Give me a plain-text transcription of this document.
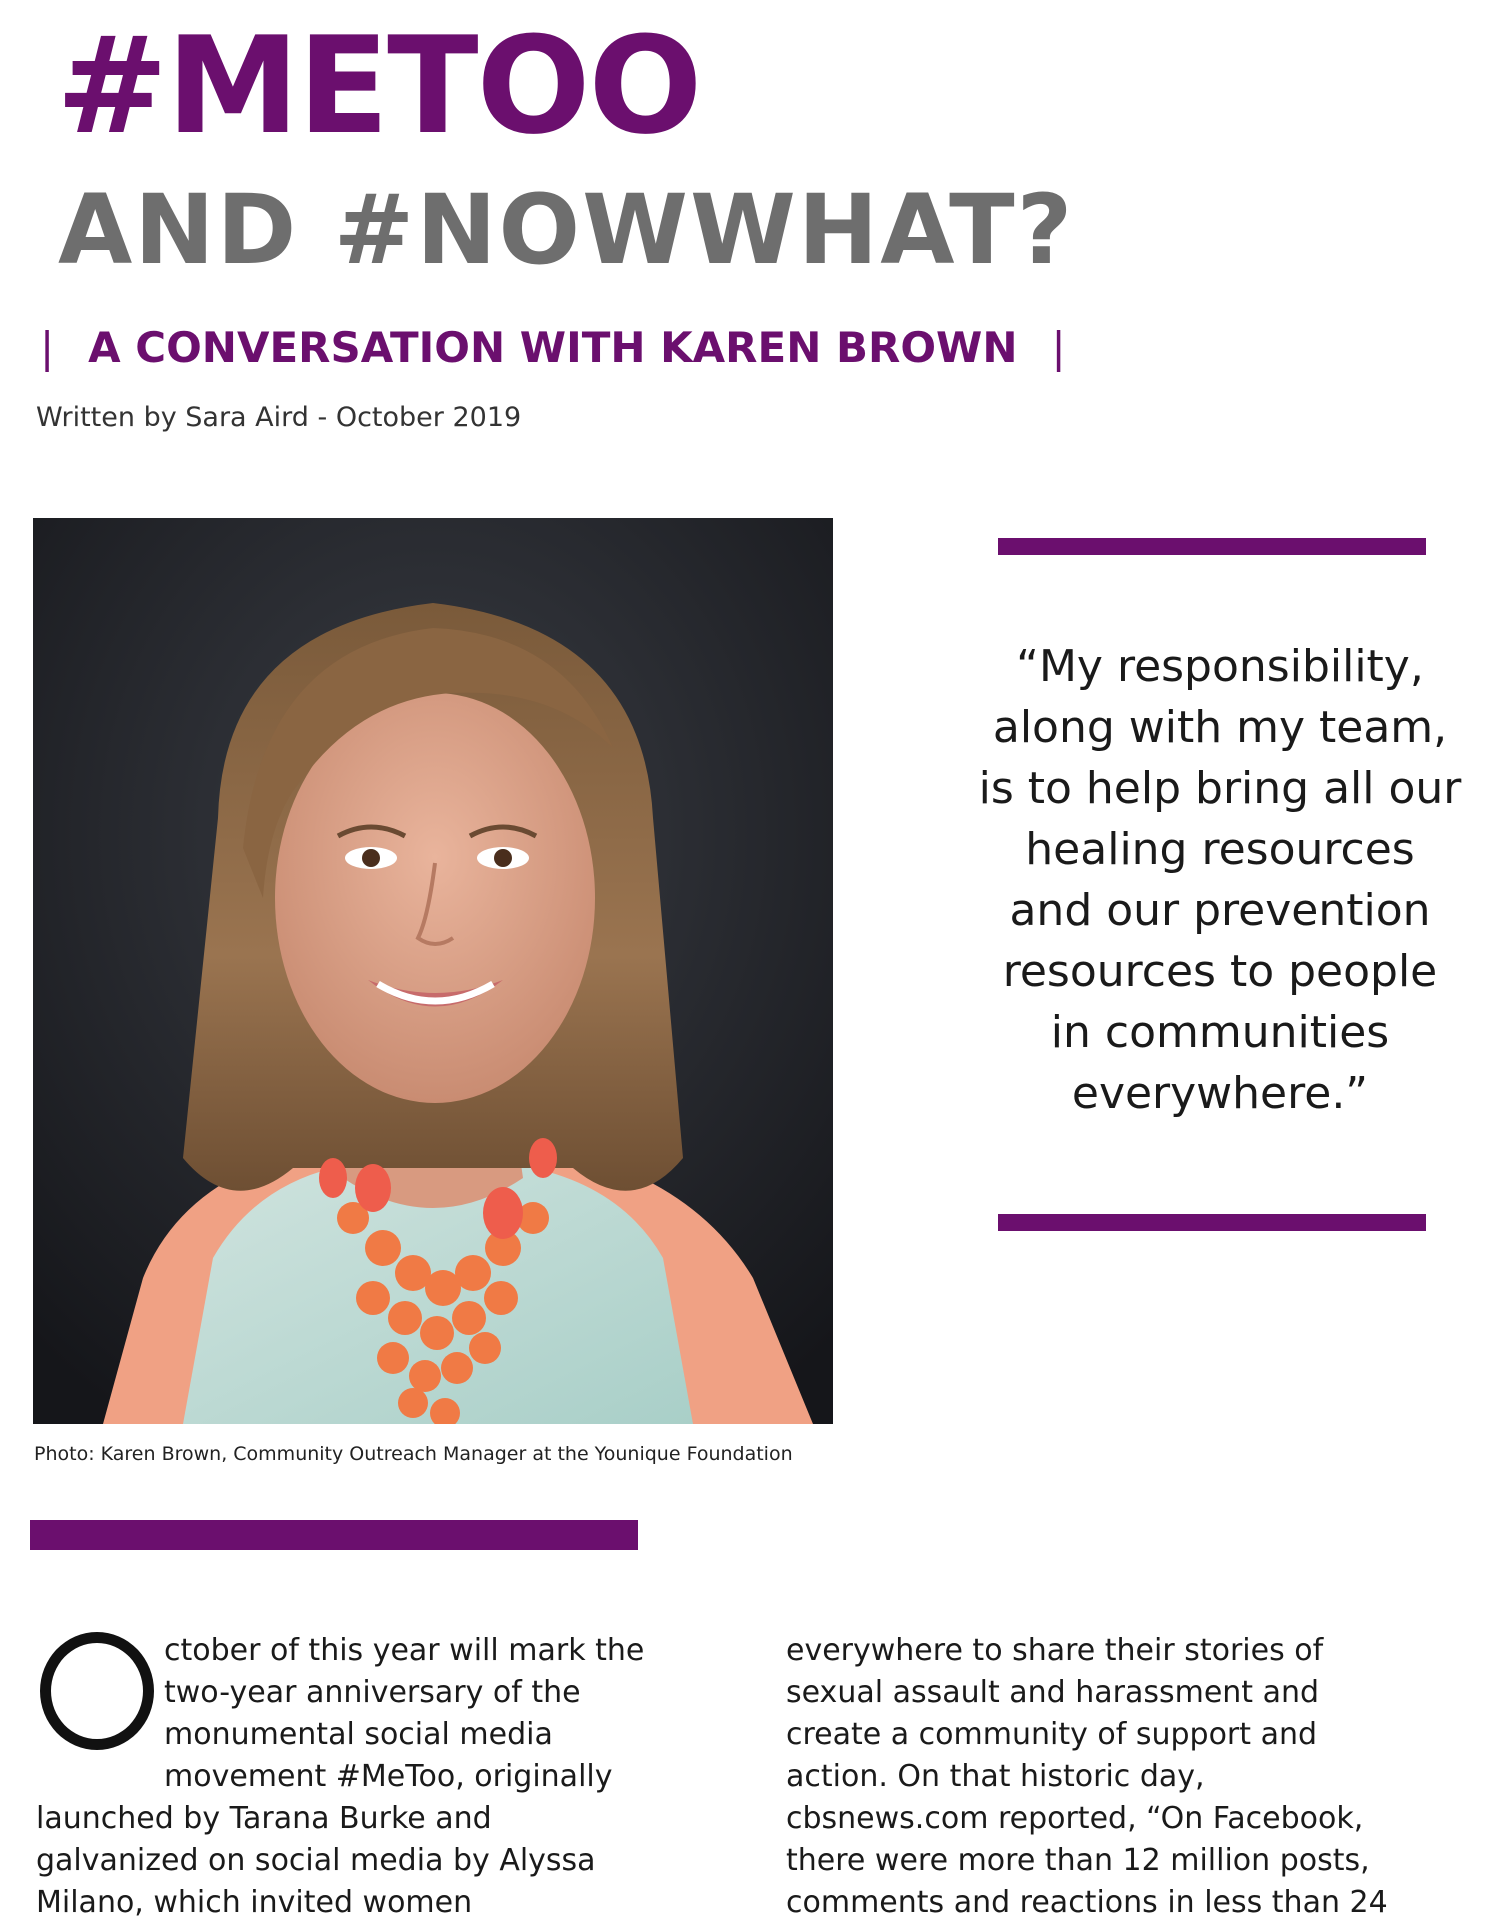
#METOO
AND #NOWWHAT?
| A CONVERSATION WITH KAREN BROWN |
Written by Sara Aird - October 2019
Photo: Karen Brown, Community Outreach Manager at the Younique Foundation
“My responsibility,
along with my team,
is to help bring all our
healing resources
and our prevention
resources to people
in communities
everywhere.”
ctober of this year will mark the
two-year anniversary of the
monumental social media
movement #MeToo, originally
launched by Tarana Burke and
galvanized on social media by Alyssa
Milano, which invited women
everywhere to share their stories of
sexual assault and harassment and
create a community of support and
action. On that historic day,
cbsnews.com reported, “On Facebook,
there were more than 12 million posts,
comments and reactions in less than 24
